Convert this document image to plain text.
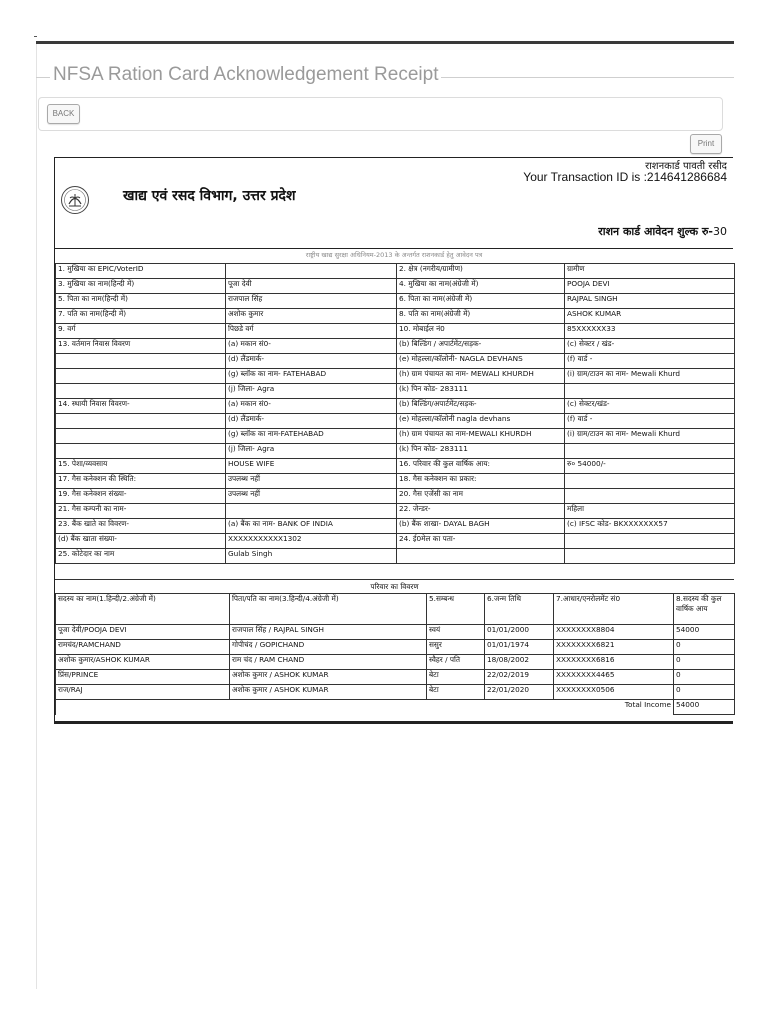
NFSA Ration Card Acknowledgement Receipt
BACK
Print
राशनकार्ड पावती रसीद
Your Transaction ID is :214641286684
खाद्य एवं रसद विभाग, उत्तर प्रदेश
राशन कार्ड आवेदन शुल्क रु-30
राष्ट्रीय खाद्य सुरक्षा अधिनियम-2013 के अन्तर्गत राशनकार्ड हेतु आवेदन पत्र
1. मुखिया का EPIC/VoterID		2. क्षेत्र (नगरीय/ग्रामीण)	ग्रामीण
3. मुखिया का नाम(हिन्दी में)	पूजा देवी	4. मुखिया का नाम(अंग्रेजी में)	POOJA DEVI
5. पिता का नाम(हिन्दी में)	राजपाल सिंह	6. पिता का नाम(अंग्रेजी में)	RAJPAL SINGH
7. पति का नाम(हिन्दी में)	अशोक कुमार	8. पति का नाम(अंग्रेजी में)	ASHOK KUMAR
9. वर्ग	पिछडे वर्ग	10. मोबाईल नं0	85XXXXXX33
13. वर्तमान निवास विवरण	(a) मकान सं0-	(b) बिल्डिंग / अपार्टमेंट/सड़क-	(c) सेक्टर / खंड-
	(d) लैंडमार्क-	(e) मोहल्ला/कॉलोनी- NAGLA DEVHANS	(f) वार्ड -
	(g) ब्लॉक का नाम- FATEHABAD	(h) ग्राम पंचायत का नाम- MEWALI KHURDH	(i) ग्राम/टाउन का नाम- Mewali Khurd
	(j) जिला- Agra	(k) पिन कोड- 283111	
14. स्थायी निवास विवरण-	(a) मकान सं0-	(b) बिल्डिंग/अपार्टमेंट/सड़क-	(c) सेक्टर/खंड-
	(d) लैंडमार्क-	(e) मोहल्ला/कॉलोनी nagla devhans	(f) वार्ड -
	(g) ब्लॉक का नाम-FATEHABAD	(h) ग्राम पंचायत का नाम-MEWALI KHURDH	(i) ग्राम/टाउन का नाम- Mewali Khurd
	(j) जिला- Agra	(k) पिन कोड- 283111	
15. पेशा/व्यवसाय	HOUSE WIFE	16. परिवार की कुल वार्षिक आय:	रु० 54000/-
17. गैस कनेक्शन की स्थिति:	उपलब्ध नहीं	18. गैस कनेक्शन का प्रकार:	
19. गैस कनेक्शन संख्या-	उपलब्ध नहीं	20. गैस एजेंसी का नाम	
21. गैस कम्पनी का नाम-		22. जेन्डर-	महिला
23. बैंक खाते का विवरण-	(a) बैंक का नाम- BANK OF INDIA	(b) बैंक शाखा- DAYAL BAGH	(c) IFSC कोड- BKXXXXXXX57
(d) बैंक खाता संख्या-	XXXXXXXXXXX1302	24. ई0मेल का पता-	
25. कोटेदार का नाम	Gulab Singh		
परिवार का विवरण
सदस्य का नाम(1.हिन्दी/2.अंग्रेजी में)	पिता/पति का नाम(3.हिन्दी/4.अंग्रेजी में)	5.सम्बन्ध	6.जन्म तिथि	7.आधार/एनरोलमेंट सं0	8.सदस्य की कुल वार्षिक आय
पूजा देवी/POOJA DEVI	राजपाल सिंह / RAJPAL SINGH	स्वयं	01/01/2000	XXXXXXXX8804	54000
रामचंद/RAMCHAND	गोपीचंद / GOPICHAND	ससुर	01/01/1974	XXXXXXXX6821	0
अशोक कुमार/ASHOK KUMAR	राम चंद / RAM CHAND	स्वैहर / पति	18/08/2002	XXXXXXXX6816	0
प्रिंस/PRINCE	अशोक कुमार / ASHOK KUMAR	बेटा	22/02/2019	XXXXXXXX4465	0
राज/RAJ	अशोक कुमार / ASHOK KUMAR	बेटा	22/01/2020	XXXXXXXX0506	0
				Total Income	54000
